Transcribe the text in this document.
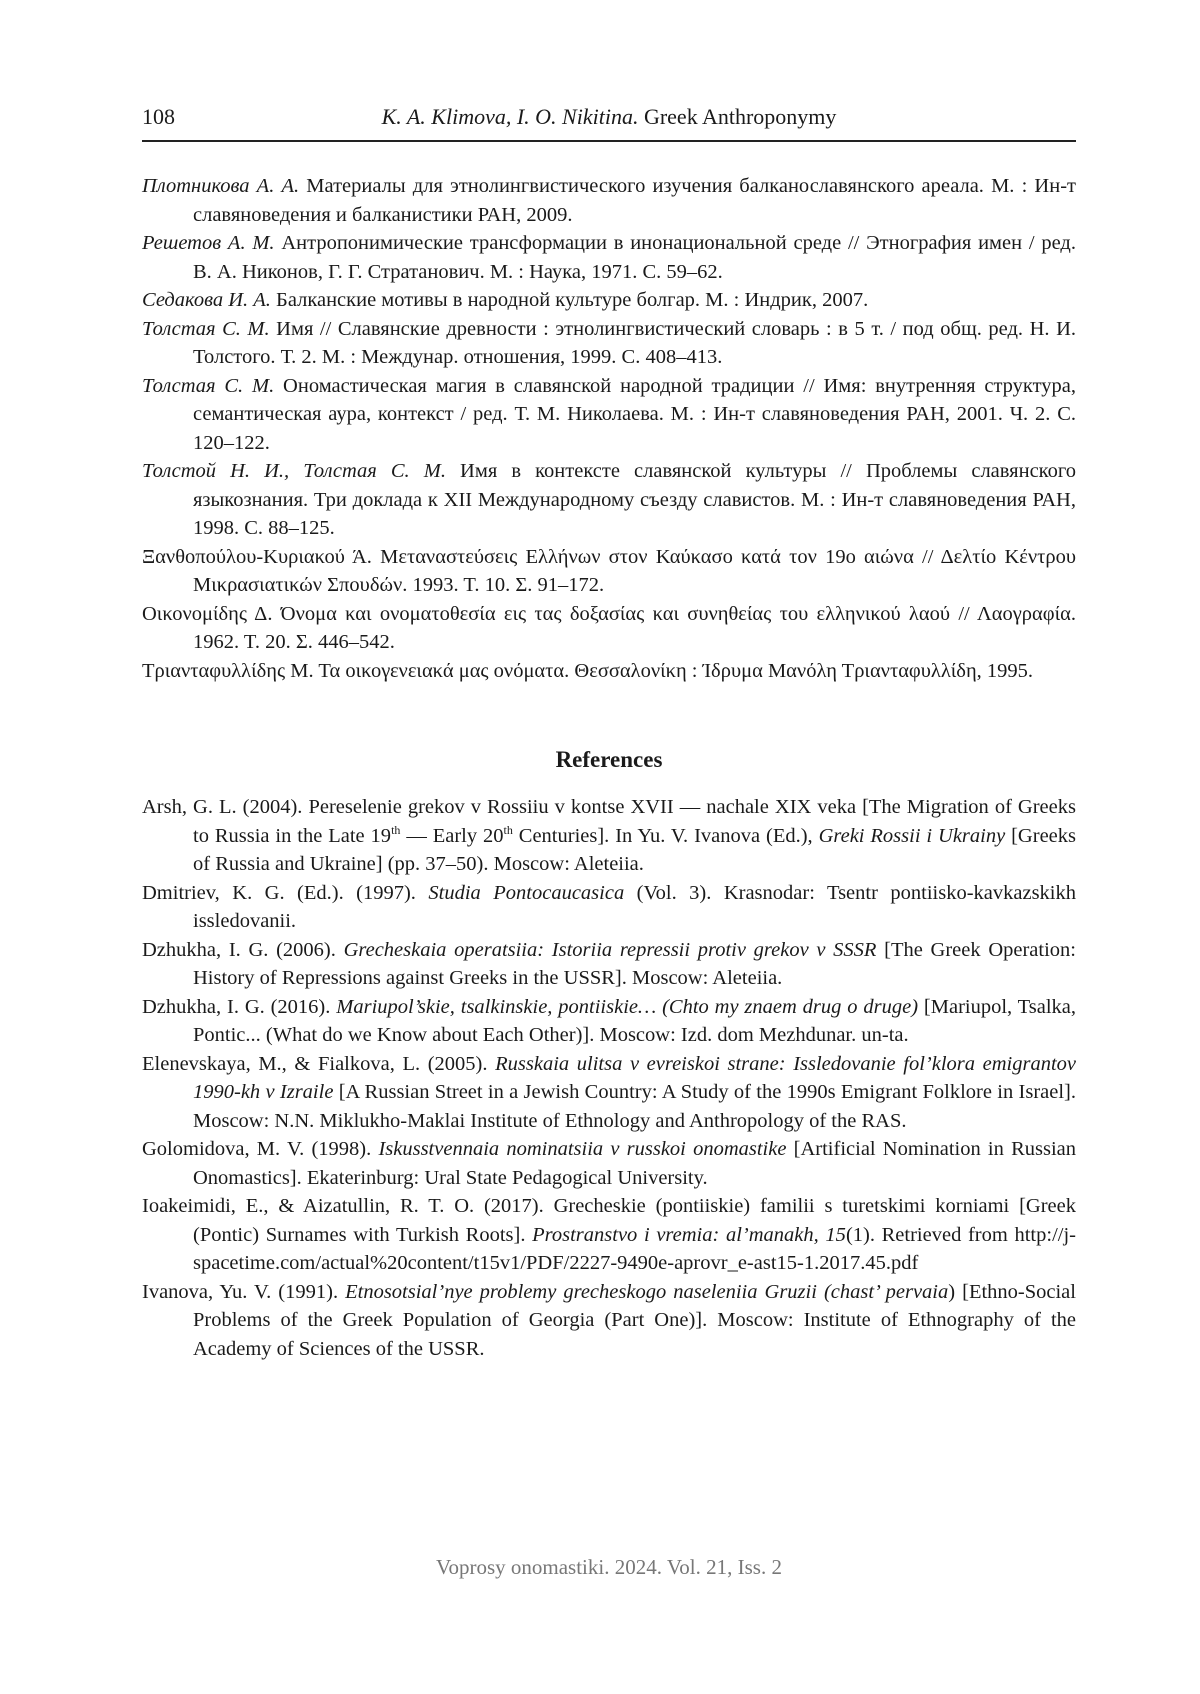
108	K. A. Klimova, I. O. Nikitina. Greek Anthroponymy

Плотникова А. А. Материалы для этнолингвистического изучения балканославянского ареала. М. : Ин-т славяноведения и балканистики РАН, 2009.

Решетов А. М. Антропонимические трансформации в инонациональной среде // Этнография имен / ред. В. А. Никонов, Г. Г. Стратанович. М. : Наука, 1971. С. 59–62.

Седакова И. А. Балканские мотивы в народной культуре болгар. М. : Индрик, 2007.

Толстая С. М. Имя // Славянские древности : этнолингвистический словарь : в 5 т. / под общ. ред. Н. И. Толстого. Т. 2. М. : Междунар. отношения, 1999. С. 408–413.

Толстая С. М. Ономастическая магия в славянской народной традиции // Имя: внутренняя структура, семантическая аура, контекст / ред. Т. М. Николаева. М. : Ин-т славяноведения РАН, 2001. Ч. 2. С. 120–122.

Толстой Н. И., Толстая С. М. Имя в контексте славянской культуры // Проблемы славянского языкознания. Три доклада к XII Международному съезду славистов. М. : Ин-т славяноведения РАН, 1998. С. 88–125.

Ξανθοπούλου-Κυριακού Ά. Μεταναστεύσεις Ελλήνων στον Καύκασο κατά τον 19ο αιώνα // Δελτίο Κέντρου Μικρασιατικών Σπουδών. 1993. Τ. 10. Σ. 91–172.

Οικονομίδης Δ. Όνομα και ονοματοθεσία εις τας δοξασίας και συνηθείας του ελληνικού λαού // Λαογραφία. 1962. Τ. 20. Σ. 446–542.

Τριανταφυλλίδης Μ. Τα οικογενειακά μας ονόματα. Θεσσαλονίκη : Ίδρυμα Μανόλη Τριανταφυλλίδη, 1995.

References

Arsh, G. L. (2004). Pereselenie grekov v Rossiiu v kontse XVII — nachale XIX veka [The Migration of Greeks to Russia in the Late 19th — Early 20th Centuries]. In Yu. V. Ivanova (Ed.), Greki Rossii i Ukrainy [Greeks of Russia and Ukraine] (pp. 37–50). Moscow: Aleteiia.

Dmitriev, K. G. (Ed.). (1997). Studia Pontocaucasica (Vol. 3). Krasnodar: Tsentr pontiisko-kavkazskikh issledovanii.

Dzhukha, I. G. (2006). Grecheskaia operatsiia: Istoriia repressii protiv grekov v SSSR [The Greek Operation: History of Repressions against Greeks in the USSR]. Moscow: Aleteiia.

Dzhukha, I. G. (2016). Mariupol’skie, tsalkinskie, pontiiskie… (Chto my znaem drug o druge) [Mariupol, Tsalka, Pontic... (What do we Know about Each Other)]. Moscow: Izd. dom Mezhdunar. un-ta.

Elenevskaya, M., & Fialkova, L. (2005). Russkaia ulitsa v evreiskoi strane: Issledovanie fol’klora emigrantov 1990-kh v Izraile [A Russian Street in a Jewish Country: A Study of the 1990s Emigrant Folklore in Israel]. Moscow: N.N. Miklukho-Maklai Institute of Ethnology and Anthropology of the RAS.

Golomidova, M. V. (1998). Iskusstvennaia nominatsiia v russkoi onomastike [Artificial Nomination in Russian Onomastics]. Ekaterinburg: Ural State Pedagogical University.

Ioakeimidi, E., & Aizatullin, R. T. O. (2017). Grecheskie (pontiiskie) familii s turetskimi korniami [Greek (Pontic) Surnames with Turkish Roots]. Prostranstvo i vremia: al’manakh, 15(1). Retrieved from http://j-spacetime.com/actual%20content/t15v1/PDF/2227-9490e-aprovr_e-ast15-1.2017.45.pdf

Ivanova, Yu. V. (1991). Etnosotsial’nye problemy grecheskogo naseleniia Gruzii (chast’ pervaia) [Ethno-Social Problems of the Greek Population of Georgia (Part One)]. Moscow: Institute of Ethnography of the Academy of Sciences of the USSR.

Voprosy onomastiki. 2024. Vol. 21, Iss. 2
